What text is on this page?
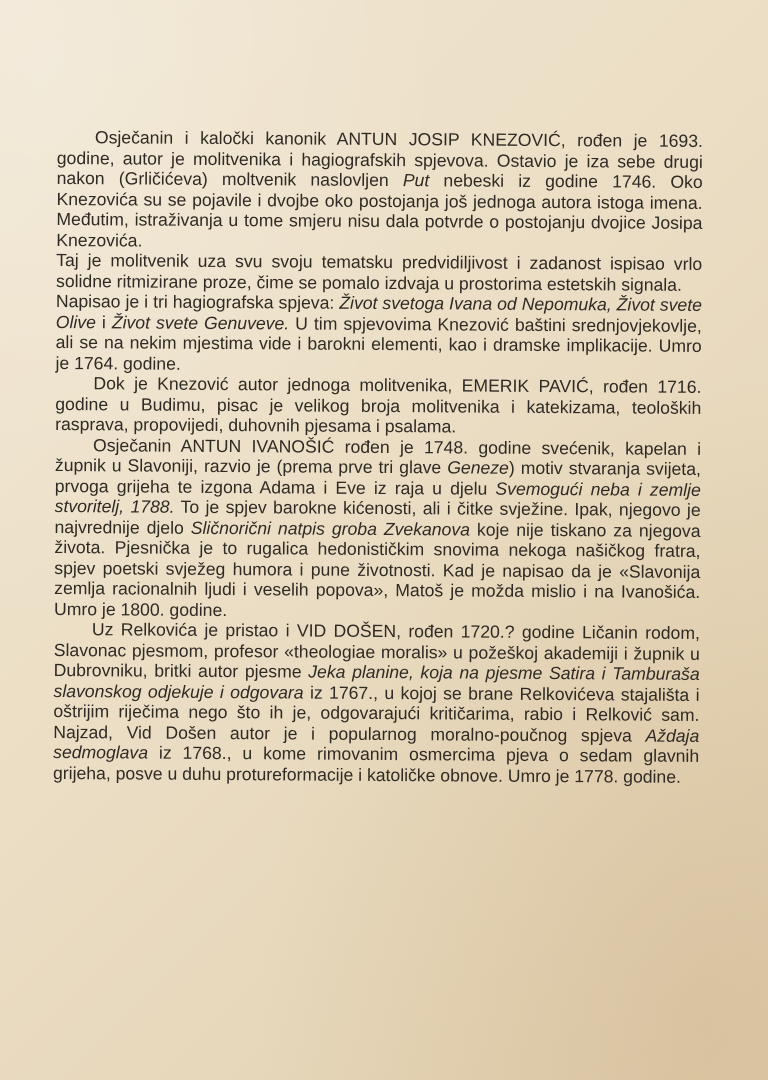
Osječanin i kaločki kanonik ANTUN JOSIP KNEZOVIĆ, rođen je 1693. godine, autor je molitvenika i hagiografskih spjevova. Ostavio je iza sebe drugi nakon (Grličićeva) moltvenik naslovljen Put nebeski iz godine 1746. Oko Knezovića su se pojavile i dvojbe oko postojanja još jednoga autora istoga imena. Međutim, istraživanja u tome smjeru nisu dala potvrde o postojanju dvojice Josipa Knezovića.

Taj je molitvenik uza svu svoju tematsku predvidiljivost i zadanost ispisao vrlo solidne ritmizirane proze, čime se pomalo izdvaja u prostorima estetskih signala.

Napisao je i tri hagiografska spjeva: Život svetoga Ivana od Nepomuka, Život svete Olive i Život svete Genuveve. U tim spjevovima Knezović baštini srednjovjekovlje, ali se na nekim mjestima vide i barokni elementi, kao i dramske implikacije. Umro je 1764. godine.

Dok je Knezović autor jednoga molitvenika, EMERIK PAVIĆ, rođen 1716. godine u Budimu, pisac je velikog broja molitvenika i katekizama, teoloških rasprava, propovijedi, duhovnih pjesama i psalama.

Osječanin ANTUN IVANOŠIĆ rođen je 1748. godine svećenik, kapelan i župnik u Slavoniji, razvio je (prema prve tri glave Geneze) motiv stvaranja svijeta, prvoga grijeha te izgona Adama i Eve iz raja u djelu Svemogući neba i zemlje stvoritelj, 1788. To je spjev barokne kićenosti, ali i čitke svježine. Ipak, njegovo je najvrednije djelo Sličnorični natpis groba Zvekanova koje nije tiskano za njegova života. Pjesnička je to rugalica hedonističkim snovima nekoga našičkog fratra, spjev poetski svježeg humora i pune životnosti. Kad je napisao da je «Slavonija zemlja racionalnih ljudi i veselih popova», Matoš je možda mislio i na Ivanošića. Umro je 1800. godine.

Uz Relkovića je pristao i VID DOŠEN, rođen 1720.? godine Ličanin rodom, Slavonac pjesmom, profesor «theologiae moralis» u požeškoj akademiji i župnik u Dubrovniku, britki autor pjesme Jeka planine, koja na pjesme Satira i Tamburaša slavonskog odjekuje i odgovara iz 1767., u kojoj se brane Relkovićeva stajališta i oštrijim riječima nego što ih je, odgovarajući kritičarima, rabio i Relković sam. Najzad, Vid Došen autor je i popularnog moralno-poučnog spjeva Aždaja sedmoglava iz 1768., u kome rimovanim osmercima pjeva o sedam glavnih grijeha, posve u duhu protureformacije i katoličke obnove. Umro je 1778. godine.
